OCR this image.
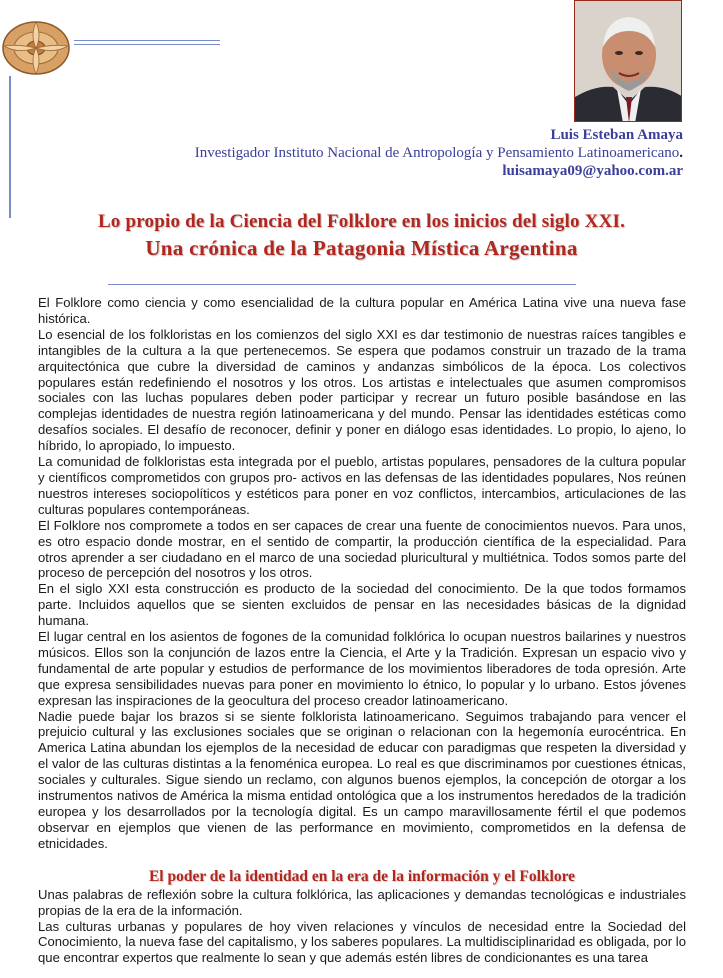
Luis Esteban Amaya
Investigador Instituto Nacional de Antropología y Pensamiento Latinoamericano.
luisamaya09@yahoo.com.ar
Lo propio de la Ciencia del Folklore en los inicios del siglo XXI.
Una crónica de la Patagonia Mística Argentina

El Folklore como ciencia y como esencialidad de la cultura popular en América Latina vive una nueva fase histórica.

Lo esencial de los folkloristas en los comienzos del siglo XXI es dar testimonio de nuestras raíces tangibles e intangibles de la cultura a la que pertenecemos. Se espera que podamos construir un trazado de la trama arquitectónica que cubre la diversidad de caminos y andanzas simbólicos de la época. Los colectivos populares están redefiniendo el nosotros y los otros. Los artistas e intelectuales que asumen compromisos sociales con las luchas populares deben poder participar y recrear un futuro posible basándose en las complejas identidades de nuestra región latinoamericana y del mundo. Pensar las identidades estéticas como desafíos sociales. El desafío de reconocer, definir y poner en diálogo esas identidades. Lo propio, lo ajeno, lo híbrido, lo apropiado, lo impuesto.

La comunidad de folkloristas esta integrada por el pueblo, artistas populares, pensadores de la cultura popular y científicos comprometidos con grupos pro- activos en las defensas de las identidades populares, Nos reúnen nuestros intereses sociopolíticos y estéticos para poner en voz conflictos, intercambios, articulaciones de las culturas populares contemporáneas.

El Folklore nos compromete a todos en ser capaces de crear una fuente de conocimientos nuevos. Para unos, es otro espacio donde mostrar, en el sentido de compartir, la producción científica de la especialidad. Para otros aprender a ser ciudadano en el marco de una sociedad pluricultural y multiétnica. Todos somos parte del proceso de percepción del nosotros y los otros.

En el siglo XXI esta construcción es producto de la sociedad del conocimiento. De la que todos formamos parte. Incluidos aquellos que se sienten excluidos de pensar en las necesidades básicas de la dignidad humana.

El lugar central en los asientos de fogones de la comunidad folklórica lo ocupan nuestros bailarines y nuestros músicos. Ellos son la conjunción de lazos entre la Ciencia, el Arte y la Tradición. Expresan un espacio vivo y fundamental de arte popular y estudios de performance de los movimientos liberadores de toda opresión. Arte que expresa sensibilidades nuevas para poner en movimiento lo étnico, lo popular y lo urbano. Estos jóvenes expresan las inspiraciones de la geocultura del proceso creador latinoamericano.

Nadie puede bajar los brazos si se siente folklorista latinoamericano. Seguimos trabajando para vencer el prejuicio cultural y las exclusiones sociales que se originan o relacionan con la hegemonía eurocéntrica. En America Latina abundan los ejemplos de la necesidad de educar con paradigmas que respeten la diversidad y el valor de las culturas distintas a la fenoménica europea. Lo real es que discriminamos por cuestiones étnicas, sociales y culturales. Sigue siendo un reclamo, con algunos buenos ejemplos, la concepción de otorgar a los instrumentos nativos de América la misma entidad ontológica que a los instrumentos heredados de la tradición europea y los desarrollados por la tecnología digital. Es un campo maravillosamente fértil el que podemos observar en ejemplos que vienen de las performance en movimiento, comprometidos en la defensa de etnicidades.

El poder de la identidad en la era de la información y el Folklore

Unas palabras de reflexión sobre la cultura folklórica, las aplicaciones y demandas tecnológicas e industriales propias de la era de la información.

Las culturas urbanas y populares de hoy viven relaciones y vínculos de necesidad entre la Sociedad del Conocimiento, la nueva fase del capitalismo, y los saberes populares. La multidisciplinaridad es obligada, por lo que encontrar expertos que realmente lo sean y que además estén libres de condicionantes es una tarea
